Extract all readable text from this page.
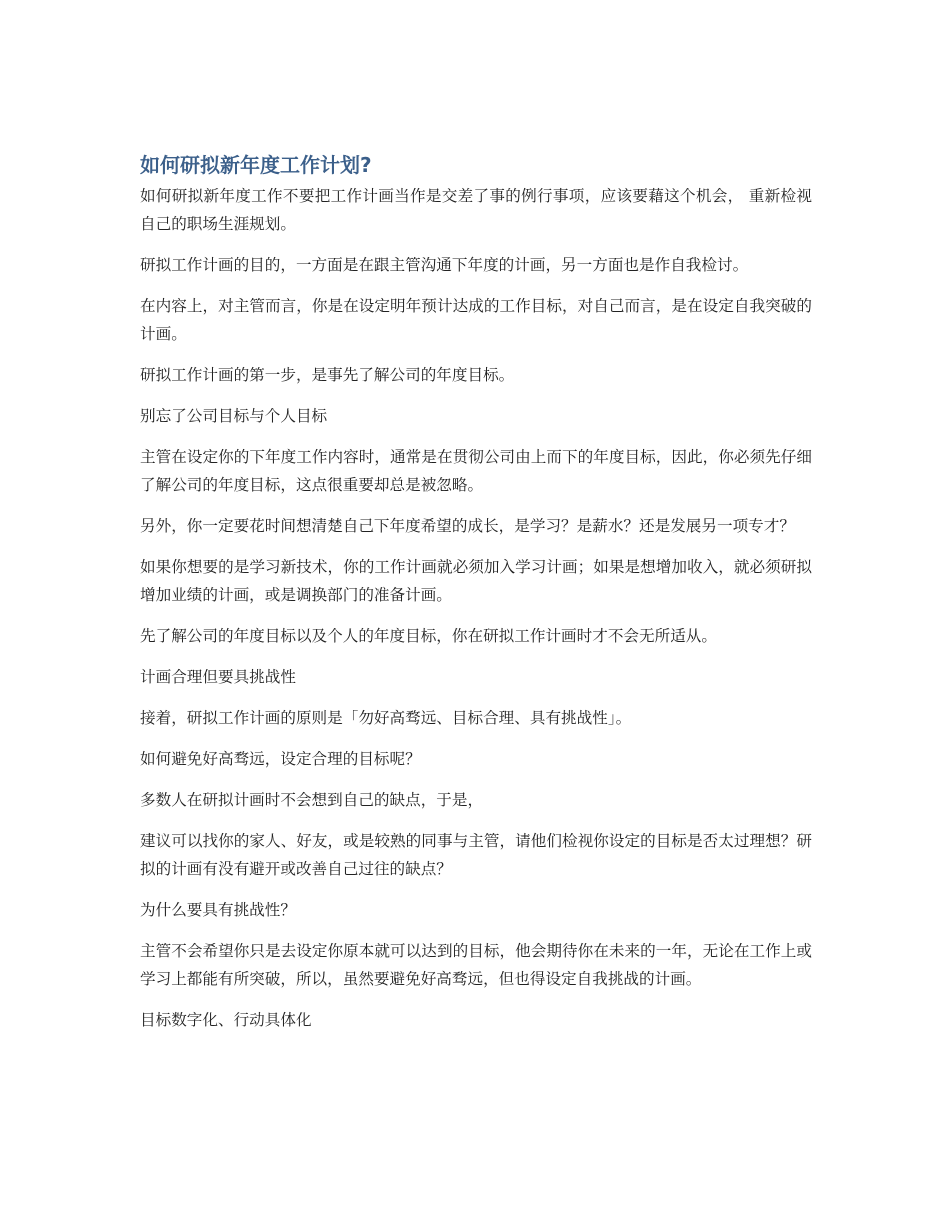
如何研拟新年度工作计划?

如何研拟新年度工作不要把工作计画当作是交差了事的例行事项，应该要藉这个机会， 重新检视自己的职场生涯规划。

研拟工作计画的目的，一方面是在跟主管沟通下年度的计画，另一方面也是作自我检讨。

在内容上，对主管而言，你是在设定明年预计达成的工作目标，对自己而言，是在设定自我突破的计画。

研拟工作计画的第一步，是事先了解公司的年度目标。

别忘了公司目标与个人目标

主管在设定你的下年度工作内容时，通常是在贯彻公司由上而下的年度目标，因此，你必须先仔细了解公司的年度目标，这点很重要却总是被忽略。

另外，你一定要花时间想清楚自己下年度希望的成长，是学习？是薪水？还是发展另一项专才？

如果你想要的是学习新技术，你的工作计画就必须加入学习计画；如果是想增加收入，就必须研拟增加业绩的计画，或是调换部门的准备计画。

先了解公司的年度目标以及个人的年度目标，你在研拟工作计画时才不会无所适从。

计画合理但要具挑战性

接着，研拟工作计画的原则是「勿好高骛远、目标合理、具有挑战性」。

如何避免好高骛远，设定合理的目标呢？

多数人在研拟计画时不会想到自己的缺点，于是，

建议可以找你的家人、好友，或是较熟的同事与主管，请他们检视你设定的目标是否太过理想？研拟的计画有没有避开或改善自己过往的缺点？

为什么要具有挑战性？

主管不会希望你只是去设定你原本就可以达到的目标，他会期待你在未来的一年，无论在工作上或学习上都能有所突破，所以，虽然要避免好高骛远，但也得设定自我挑战的计画。

目标数字化、行动具体化
